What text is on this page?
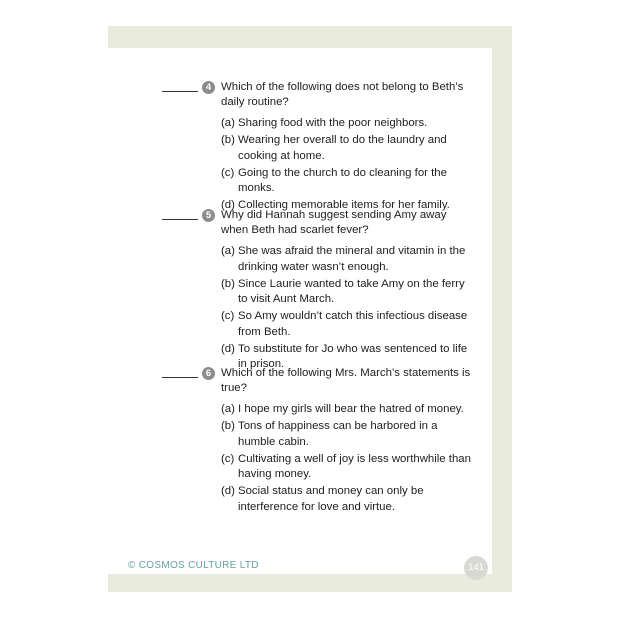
4 Which of the following does not belong to Beth’s
daily routine?
(a) Sharing food with the poor neighbors.
(b) Wearing her overall to do the laundry and
cooking at home.
(c) Going to the church to do cleaning for the
monks.
(d) Collecting memorable items for her family.
5 Why did Hannah suggest sending Amy away
when Beth had scarlet fever?
(a) She was afraid the mineral and vitamin in the
drinking water wasn’t enough.
(b) Since Laurie wanted to take Amy on the ferry
to visit Aunt March.
(c) So Amy wouldn’t catch this infectious disease
from Beth.
(d) To substitute for Jo who was sentenced to life
in prison.
6 Which of the following Mrs. March’s statements is
true?
(a) I hope my girls will bear the hatred of money.
(b) Tons of happiness can be harbored in a
humble cabin.
(c) Cultivating a well of joy is less worthwhile than
having money.
(d) Social status and money can only be
interference for love and virtue.
© COSMOS CULTURE LTD	141
